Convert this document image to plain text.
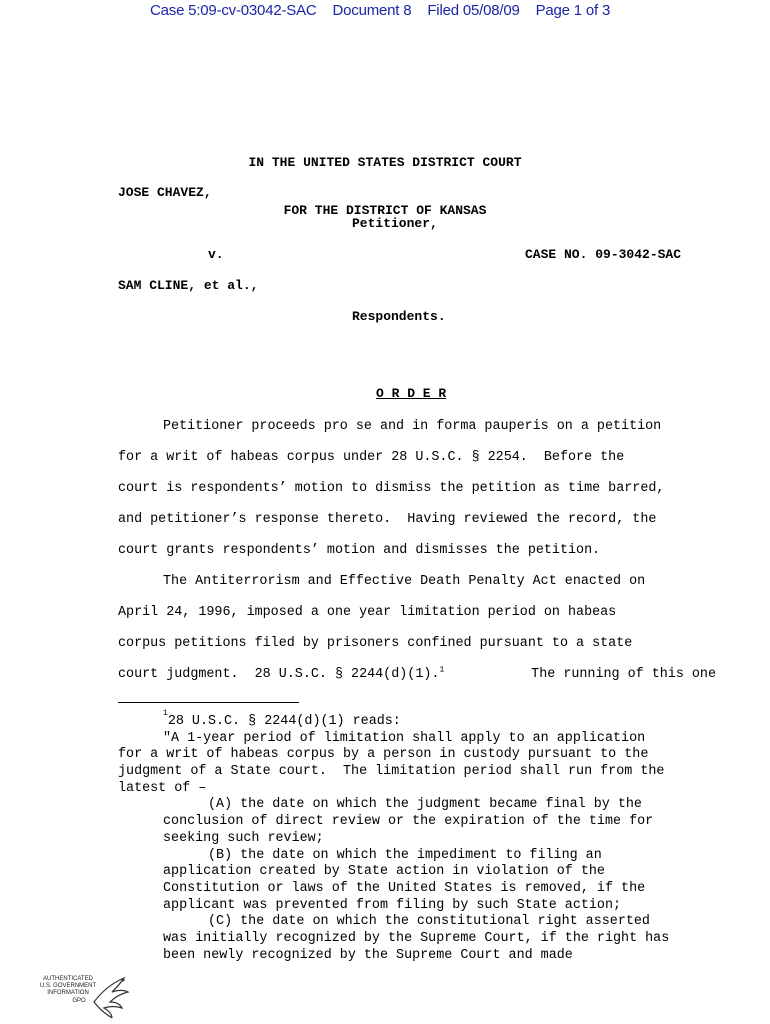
Case 5:09-cv-03042-SAC Document 8 Filed 05/08/09 Page 1 of 3

IN THE UNITED STATES DISTRICT COURT

FOR THE DISTRICT OF KANSAS

JOSE CHAVEZ,
Petitioner,
v.	CASE NO. 09-3042-SAC
SAM CLINE, et al.,
Respondents.
O R D E R
Petitioner proceeds pro se and in forma pauperis on a petition
for a writ of habeas corpus under 28 U.S.C. § 2254.  Before the
court is respondents’ motion to dismiss the petition as time barred,
and petitioner’s response thereto.  Having reviewed the record, the
court grants respondents’ motion and dismisses the petition.
The Antiterrorism and Effective Death Penalty Act enacted on
April 24, 1996, imposed a one year limitation period on habeas
corpus petitions filed by prisoners confined pursuant to a state
court judgment.  28 U.S.C. § 2244(d)(1).$^1$	The running of this one
1
28 U.S.C. § 2244(d)(1) reads:
"A 1-year period of limitation shall apply to an application
for a writ of habeas corpus by a person in custody pursuant to the
judgment of a State court.  The limitation period shall run from the
latest of –
(A) the date on which the judgment became final by the
conclusion of direct review or the expiration of the time for
seeking such review;
(B) the date on which the impediment to filing an
application created by State action in violation of the
Constitution or laws of the United States is removed, if the
applicant was prevented from filing by such State action;
(C) the date on which the constitutional right asserted
was initially recognized by the Supreme Court, if the right has
been newly recognized by the Supreme Court and made
AUTHENTICATED
U.S. GOVERNMENT
INFORMATION
GPO
